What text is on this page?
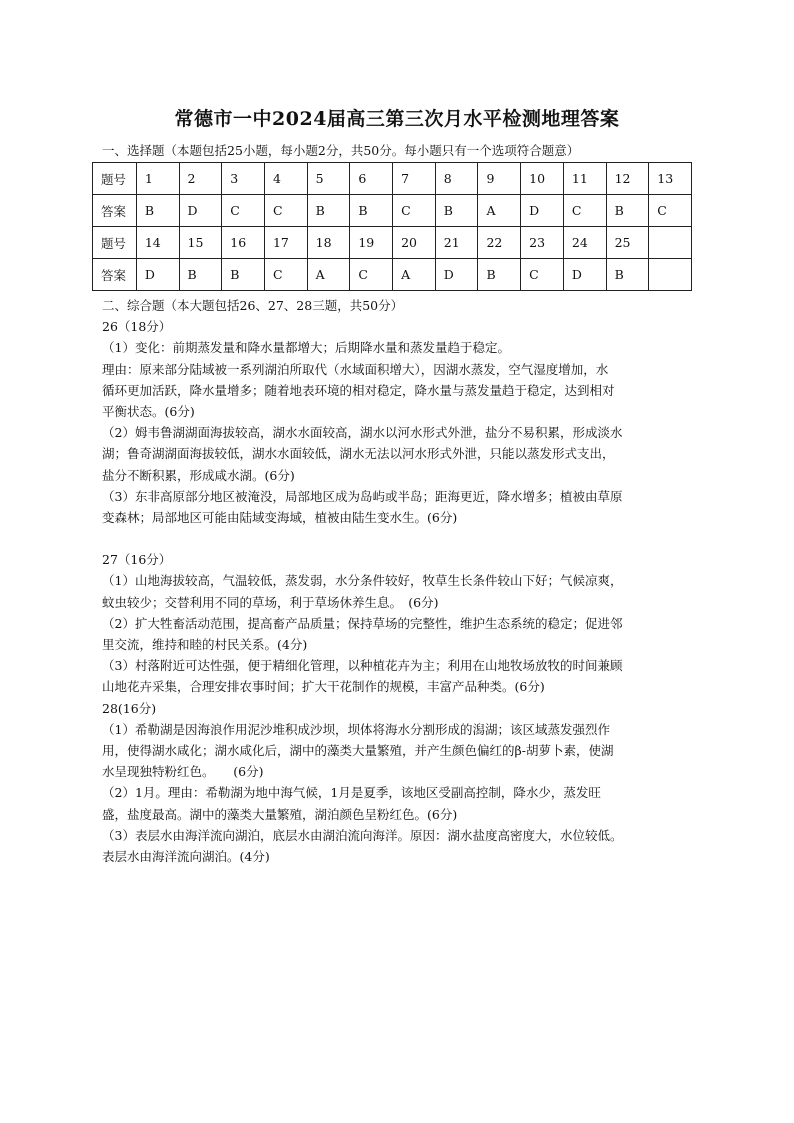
常德市一中2024届高三第三次月水平检测地理答案
一、选择题（本题包括25小题，每小题2分，共50分。每小题只有一个选项符合题意）
题号	1	2	3	4	5	6	7	8	9	10	11	12	13
答案	B	D	C	C	B	B	C	B	A	D	C	B	C
题号	14	15	16	17	18	19	20	21	22	23	24	25	
答案	D	B	B	C	A	C	A	D	B	C	D	B	

二、综合题（本大题包括26、27、28三题，共50分）

26（18分）

（1）变化：前期蒸发量和降水量都增大；后期降水量和蒸发量趋于稳定。

理由：原来部分陆域被一系列湖泊所取代（水域面积增大），因湖水蒸发，空气湿度增加，水

循环更加活跃，降水量增多；随着地表环境的相对稳定，降水量与蒸发量趋于稳定，达到相对

平衡状态。(6分)

（2）姆韦鲁湖湖面海拔较高，湖水水面较高，湖水以河水形式外泄，盐分不易积累，形成淡水

湖；鲁奇湖湖面海拔较低，湖水水面较低，湖水无法以河水形式外泄，只能以蒸发形式支出，

盐分不断积累，形成咸水湖。(6分)

（3）东非高原部分地区被淹没，局部地区成为岛屿或半岛；距海更近，降水增多；植被由草原

变森林；局部地区可能由陆域变海域，植被由陆生变水生。(6分)

27（16分）

（1）山地海拔较高，气温较低，蒸发弱，水分条件较好，牧草生长条件较山下好；气候凉爽，

蚊虫较少；交替利用不同的草场，利于草场休养生息。　(6分)

（2）扩大牲畜活动范围，提高畜产品质量；保持草场的完整性，维护生态系统的稳定；促进邻

里交流，维持和睦的村民关系。(4分)

（3）村落附近可达性强，便于精细化管理，以种植花卉为主；利用在山地牧场放牧的时间兼顾

山地花卉采集，合理安排农事时间；扩大干花制作的规模，丰富产品种类。(6分)

28(16分)

（1）希勒湖是因海浪作用泥沙堆积成沙坝，坝体将海水分割形成的潟湖；该区域蒸发强烈作

用，使得湖水咸化；湖水咸化后，湖中的藻类大量繁殖，并产生颜色偏红的β-胡萝卜素，使湖

水呈现独特粉红色。　　(6分)

（2）1月。理由：希勒湖为地中海气候，1月是夏季，该地区受副高控制，降水少，蒸发旺

盛，盐度最高。湖中的藻类大量繁殖，湖泊颜色呈粉红色。(6分)

（3）表层水由海洋流向湖泊，底层水由湖泊流向海洋。原因：湖水盐度高密度大，水位较低。

表层水由海洋流向湖泊。(4分)
